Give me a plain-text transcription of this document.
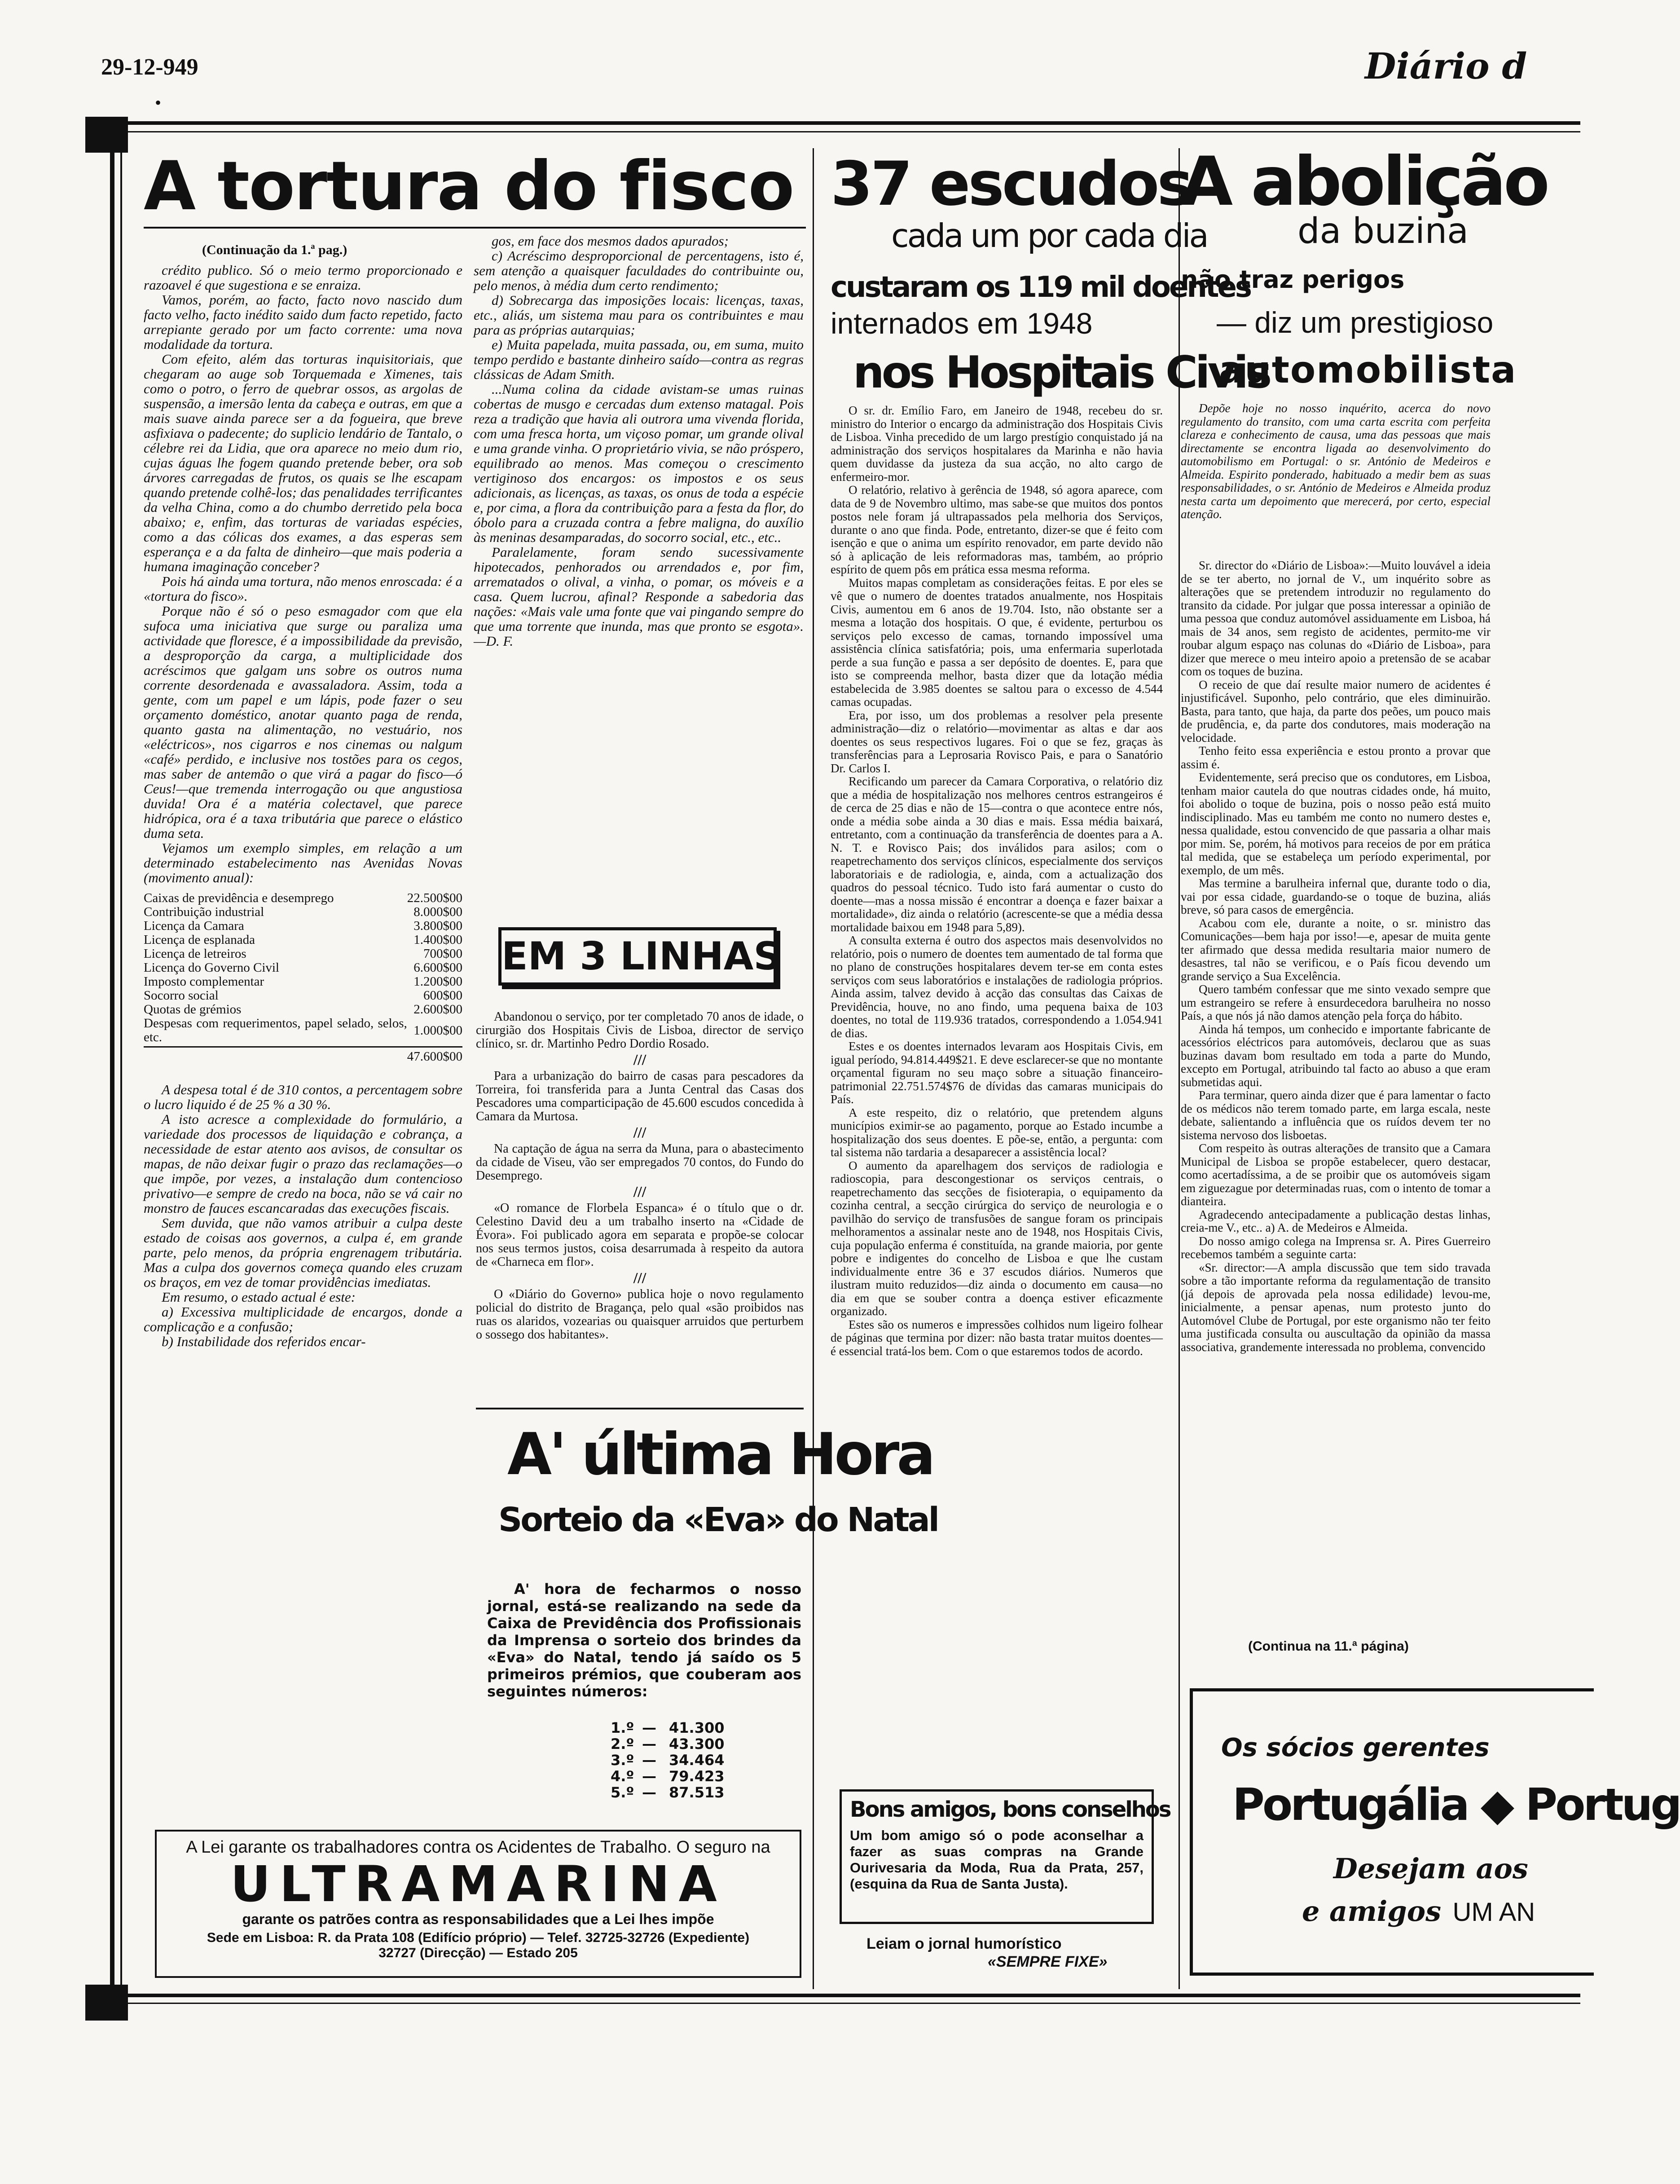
29-12-949	Diário d
•
A tortura do fisco
(Continuação da 1.ª pag.)

crédito publico. Só o meio termo proporcionado e razoavel é que sugestiona e se enraiza.

Vamos, porém, ao facto, facto novo nascido dum facto velho, facto inédito saido dum facto repetido, facto arrepiante gerado por um facto corrente: uma nova modalidade da tortura.

Com efeito, além das torturas inquisitoriais, que chegaram ao auge sob Torquemada e Ximenes, tais como o potro, o ferro de quebrar ossos, as argolas de suspensão, a imersão lenta da cabeça e outras, em que a mais suave ainda parece ser a da fogueira, que breve asfixiava o padecente; do suplicio lendário de Tantalo, o célebre rei da Lidia, que ora aparece no meio dum rio, cujas águas lhe fogem quando pretende beber, ora sob árvores carregadas de frutos, os quais se lhe escapam quando pretende colhê-los; das penalidades terrificantes da velha China, como a do chumbo derretido pela boca abaixo; e, enfim, das torturas de variadas espécies, como a das cólicas dos exames, a das esperas sem esperança e a da falta de dinheiro—que mais poderia a humana imaginação conceber?

Pois há ainda uma tortura, não menos enroscada: é a «tortura do fisco».

Porque não é só o peso esmagador com que ela sufoca uma iniciativa que surge ou paraliza uma actividade que floresce, é a impossibilidade da previsão, a desproporção da carga, a multiplicidade dos acréscimos que galgam uns sobre os outros numa corrente desordenada e avassaladora. Assim, toda a gente, com um papel e um lápis, pode fazer o seu orçamento doméstico, anotar quanto paga de renda, quanto gasta na alimentação, no vestuário, nos «eléctricos», nos cigarros e nos cinemas ou nalgum «café» perdido, e inclusive nos tostões para os cegos, mas saber de antemão o que virá a pagar do fisco—ó Ceus!—que tremenda interrogação ou que angustiosa duvida! Ora é a matéria colectavel, que parece hidrópica, ora é a taxa tributária que parece o elástico duma seta.

Vejamos um exemplo simples, em relação a um determinado estabelecimento nas Avenidas Novas (movimento anual):

Caixas de previdência e desemprego	22.500$00
Contribuição industrial	8.000$00
Licença da Camara	3.800$00
Licença de esplanada	1.400$00
Licença de letreiros	700$00
Licença do Governo Civil	6.600$00
Imposto complementar	1.200$00
Socorro social	600$00
Quotas de grémios	2.600$00
Despesas com requerimentos, papel selado, selos, etc.	1.000$00
47.600$00

A despesa total é de 310 contos, a percentagem sobre o lucro liquido é de 25 % a 30 %.

A isto acresce a complexidade do formulário, a variedade dos processos de liquidação e cobrança, a necessidade de estar atento aos avisos, de consultar os mapas, de não deixar fugir o prazo das reclamações—o que impõe, por vezes, a instalação dum contencioso privativo—e sempre de credo na boca, não se vá cair no monstro de fauces escancaradas das execuções fiscais.

Sem duvida, que não vamos atribuir a culpa deste estado de coisas aos governos, a culpa é, em grande parte, pelo menos, da própria engrenagem tributária. Mas a culpa dos governos começa quando eles cruzam os braços, em vez de tomar providências imediatas.

Em resumo, o estado actual é este:

a) Excessiva multiplicidade de encargos, donde a complicação e a confusão;

b) Instabilidade dos referidos encar-

gos, em face dos mesmos dados apurados;

c) Acréscimo desproporcional de percentagens, isto é, sem atenção a quaisquer faculdades do contribuinte ou, pelo menos, à média dum certo rendimento;

d) Sobrecarga das imposições locais: licenças, taxas, etc., aliás, um sistema mau para os contribuintes e mau para as próprias autarquias;

e) Muita papelada, muita passada, ou, em suma, muito tempo perdido e bastante dinheiro saído—contra as regras clássicas de Adam Smith.

...Numa colina da cidade avistam-se umas ruinas cobertas de musgo e cercadas dum extenso matagal. Pois reza a tradição que havia ali outrora uma vivenda florida, com uma fresca horta, um viçoso pomar, um grande olival e uma grande vinha. O proprietário vivia, se não próspero, equilibrado ao menos. Mas começou o crescimento vertiginoso dos encargos: os impostos e os seus adicionais, as licenças, as taxas, os onus de toda a espécie e, por cima, a flora da contribuição para a festa da flor, do óbolo para a cruzada contra a febre maligna, do auxílio às meninas desamparadas, do socorro social, etc., etc..

Paralelamente, foram sendo sucessivamente hipotecados, penhorados ou arrendados e, por fim, arrematados o olival, a vinha, o pomar, os móveis e a casa. Quem lucrou, afinal? Responde a sabedoria das nações: «Mais vale uma fonte que vai pingando sempre do que uma torrente que inunda, mas que pronto se esgota».—D. F.

EM 3 LINHAS

Abandonou o serviço, por ter completado 70 anos de idade, o cirurgião dos Hospitais Civis de Lisboa, director de serviço clínico, sr. dr. Martinho Pedro Dordio Rosado.

///

Para a urbanização do bairro de casas para pescadores da Torreira, foi transferida para a Junta Central das Casas dos Pescadores uma comparticipação de 45.600 escudos concedida à Camara da Murtosa.

///

Na captação de água na serra da Muna, para o abastecimento da cidade de Viseu, vão ser empregados 70 contos, do Fundo do Desemprego.

///

«O romance de Florbela Espanca» é o título que o dr. Celestino David deu a um trabalho inserto na «Cidade de Évora». Foi publicado agora em separata e propõe-se colocar nos seus termos justos, coisa desarrumada à respeito da autora de «Charneca em flor».

///

O «Diário do Governo» publica hoje o novo regulamento policial do distrito de Bragança, pelo qual «são proibidos nas ruas os alaridos, vozearias ou quaisquer arruidos que perturbem o sossego dos habitantes».

A' última Hora
Sorteio da «Eva» do Natal
A' hora de fecharmos o nosso jornal, está-se realizando na sede da Caixa de Previdência dos Profissionais da Imprensa o sorteio dos brindes da «Eva» do Natal, tendo já saído os 5 primeiros prémios, que couberam aos seguintes números:
1.º — 41.300
2.º — 43.300
3.º — 34.464
4.º — 79.423
5.º — 87.513
A Lei garante os trabalhadores contra os Acidentes de Trabalho. O seguro na
ULTRAMARINA
garante os patrões contra as responsabilidades que a Lei lhes impõe
Sede em Lisboa: R. da Prata 108 (Edifício próprio) — Telef. 32725-32726 (Expediente)
32727 (Direcção) — Estado 205
37 escudos
cada um por cada dia
custaram os 119 mil doentes
internados em 1948
nos Hospitais Civis

O sr. dr. Emílio Faro, em Janeiro de 1948, recebeu do sr. ministro do Interior o encargo da administração dos Hospitais Civis de Lisboa. Vinha precedido de um largo prestígio conquistado já na administração dos serviços hospitalares da Marinha e não havia quem duvidasse da justeza da sua acção, no alto cargo de enfermeiro-mor.

O relatório, relativo à gerência de 1948, só agora aparece, com data de 9 de Novembro ultimo, mas sabe-se que muitos dos pontos postos nele foram já ultrapassados pela melhoria dos Serviços, durante o ano que finda. Pode, entretanto, dizer-se que é feito com isenção e que o anima um espírito renovador, em parte devido não só à aplicação de leis reformadoras mas, também, ao próprio espírito de quem pôs em prática essa mesma reforma.

Muitos mapas completam as considerações feitas. E por eles se vê que o numero de doentes tratados anualmente, nos Hospitais Civis, aumentou em 6 anos de 19.704. Isto, não obstante ser a mesma a lotação dos hospitais. O que, é evidente, perturbou os serviços pelo excesso de camas, tornando impossível uma assistência clínica satisfatória; pois, uma enfermaria superlotada perde a sua função e passa a ser depósito de doentes. E, para que isto se compreenda melhor, basta dizer que da lotação média estabelecida de 3.985 doentes se saltou para o excesso de 4.544 camas ocupadas.

Era, por isso, um dos problemas a resolver pela presente administração—diz o relatório—movimentar as altas e dar aos doentes os seus respectivos lugares. Foi o que se fez, graças às transferências para a Leprosaria Rovisco Pais, e para o Sanatório Dr. Carlos I.

Recificando um parecer da Camara Corporativa, o relatório diz que a média de hospitalização nos melhores centros estrangeiros é de cerca de 25 dias e não de 15—contra o que acontece entre nós, onde a média sobe ainda a 30 dias e mais. Essa média baixará, entretanto, com a continuação da transferência de doentes para a A. N. T. e Rovisco Pais; dos inválidos para asilos; com o reapetrechamento dos serviços clínicos, especialmente dos serviços laboratoriais e de radiologia, e, ainda, com a actualização dos quadros do pessoal técnico. Tudo isto fará aumentar o custo do doente—mas a nossa missão é encontrar a doença e fazer baixar a mortalidade», diz ainda o relatório (acrescente-se que a média dessa mortalidade baixou em 1948 para 5,89).

A consulta externa é outro dos aspectos mais desenvolvidos no relatório, pois o numero de doentes tem aumentado de tal forma que no plano de construções hospitalares devem ter-se em conta estes serviços com seus laboratórios e instalações de radiologia próprios. Ainda assim, talvez devido à acção das consultas das Caixas de Previdência, houve, no ano findo, uma pequena baixa de 103 doentes, no total de 119.936 tratados, correspondendo a 1.054.941 de dias.

Estes e os doentes internados levaram aos Hospitais Civis, em igual período, 94.814.449$21. E deve esclarecer-se que no montante orçamental figuram no seu maço sobre a situação financeiro-patrimonial 22.751.574$76 de dívidas das camaras municipais do País.

A este respeito, diz o relatório, que pretendem alguns municípios eximir-se ao pagamento, porque ao Estado incumbe a hospitalização dos seus doentes. E põe-se, então, a pergunta: com tal sistema não tardaria a desaparecer a assistência local?

O aumento da aparelhagem dos serviços de radiologia e radioscopia, para descongestionar os serviços centrais, o reapetrechamento das secções de fisioterapia, o equipamento da cozinha central, a secção cirúrgica do serviço de neurologia e o pavilhão do serviço de transfusões de sangue foram os principais melhoramentos a assinalar neste ano de 1948, nos Hospitais Civis, cuja população enferma é constituída, na grande maioria, por gente pobre e indigentes do concelho de Lisboa e que lhe custam individualmente entre 36 e 37 escudos diários. Numeros que ilustram muito reduzidos—diz ainda o documento em causa—no dia em que se souber contra a doença estiver eficazmente organizado.

Estes são os numeros e impressões colhidos num ligeiro folhear de páginas que termina por dizer: não basta tratar muitos doentes—é essencial tratá-los bem. Com o que estaremos todos de acordo.

Bons amigos, bons conselhos
Um bom amigo só o pode aconselhar a fazer as suas compras na Grande Ourivesaria da Moda, Rua da Prata, 257, (esquina da Rua de Santa Justa).
Leiam o jornal humorístico
«SEMPRE FIXE»
A abolição
da buzina
não traz perigos
— diz um prestigioso
automobilista
Depõe hoje no nosso inquérito, acerca do novo regulamento do transito, com uma carta escrita com perfeita clareza e conhecimento de causa, uma das pessoas que mais directamente se encontra ligada ao desenvolvimento do automobilismo em Portugal: o sr. António de Medeiros e Almeida. Espirito ponderado, habituado a medir bem as suas responsabilidades, o sr. António de Medeiros e Almeida produz nesta carta um depoimento que merecerá, por certo, especial atenção.

Sr. director do «Diário de Lisboa»:—Muito louvável a ideia de se ter aberto, no jornal de V., um inquérito sobre as alterações que se pretendem introduzir no regulamento do transito da cidade. Por julgar que possa interessar a opinião de uma pessoa que conduz automóvel assiduamente em Lisboa, há mais de 34 anos, sem registo de acidentes, permito-me vir roubar algum espaço nas colunas do «Diário de Lisboa», para dizer que merece o meu inteiro apoio a pretensão de se acabar com os toques de buzina.

O receio de que daí resulte maior numero de acidentes é injustificável. Suponho, pelo contrário, que eles diminuirão. Basta, para tanto, que haja, da parte dos peões, um pouco mais de prudência, e, da parte dos condutores, mais moderação na velocidade.

Tenho feito essa experiência e estou pronto a provar que assim é.

Evidentemente, será preciso que os condutores, em Lisboa, tenham maior cautela do que noutras cidades onde, há muito, foi abolido o toque de buzina, pois o nosso peão está muito indisciplinado. Mas eu também me conto no numero destes e, nessa qualidade, estou convencido de que passaria a olhar mais por mim. Se, porém, há motivos para receios de por em prática tal medida, que se estabeleça um período experimental, por exemplo, de um mês.

Mas termine a barulheira infernal que, durante todo o dia, vai por essa cidade, guardando-se o toque de buzina, aliás breve, só para casos de emergência.

Acabou com ele, durante a noite, o sr. ministro das Comunicações—bem haja por isso!—e, apesar de muita gente ter afirmado que dessa medida resultaria maior numero de desastres, tal não se verificou, e o País ficou devendo um grande serviço a Sua Excelência.

Quero também confessar que me sinto vexado sempre que um estrangeiro se refere à ensurdecedora barulheira no nosso País, a que nós já não damos atenção pela força do hábito.

Ainda há tempos, um conhecido e importante fabricante de acessórios eléctricos para automóveis, declarou que as suas buzinas davam bom resultado em toda a parte do Mundo, excepto em Portugal, atribuindo tal facto ao abuso a que eram submetidas aqui.

Para terminar, quero ainda dizer que é para lamentar o facto de os médicos não terem tomado parte, em larga escala, neste debate, salientando a influência que os ruídos devem ter no sistema nervoso dos lisboetas.

Com respeito às outras alterações de transito que a Camara Municipal de Lisboa se propõe estabelecer, quero destacar, como acertadíssima, a de se proibir que os automóveis sigam em ziguezague por determinadas ruas, com o intento de tomar a dianteira.

Agradecendo antecipadamente a publicação destas linhas, creia-me V., etc.. a) A. de Medeiros e Almeida.

Do nosso amigo colega na Imprensa sr. A. Pires Guerreiro recebemos também a seguinte carta:

«Sr. director:—A ampla discussão que tem sido travada sobre a tão importante reforma da regulamentação de transito (já depois de aprovada pela nossa edilidade) levou-me, inicialmente, a pensar apenas, num protesto junto do Automóvel Clube de Portugal, por este organismo não ter feito uma justificada consulta ou auscultação da opinião da massa associativa, grandemente interessada no problema, convencido

(Continua na 11.ª página)
Os sócios gerentes
Portugália ◆ Portug
Desejam aos
e amigos UM AN
